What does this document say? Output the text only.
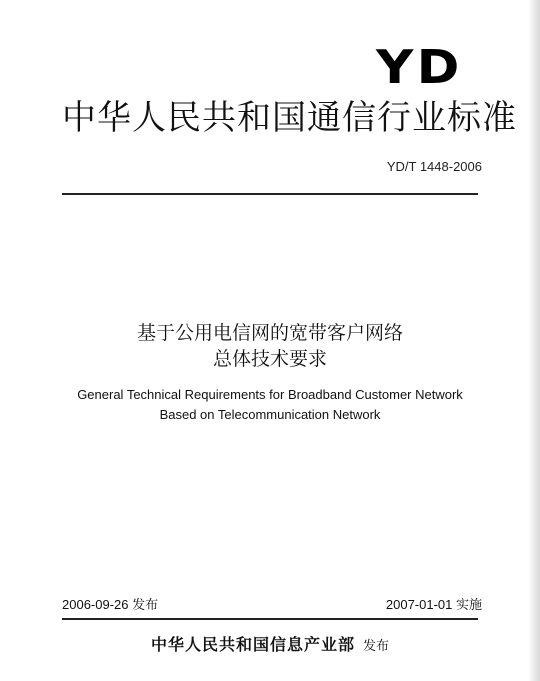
YD
中华人民共和国通信行业标准
YD/T 1448-2006
基于公用电信网的宽带客户网络
总体技术要求
General Technical Requirements for Broadband Customer Network
Based on Telecommunication Network
2006-09-26 发布	2007-01-01 实施
中华人民共和国信息产业部 发布
